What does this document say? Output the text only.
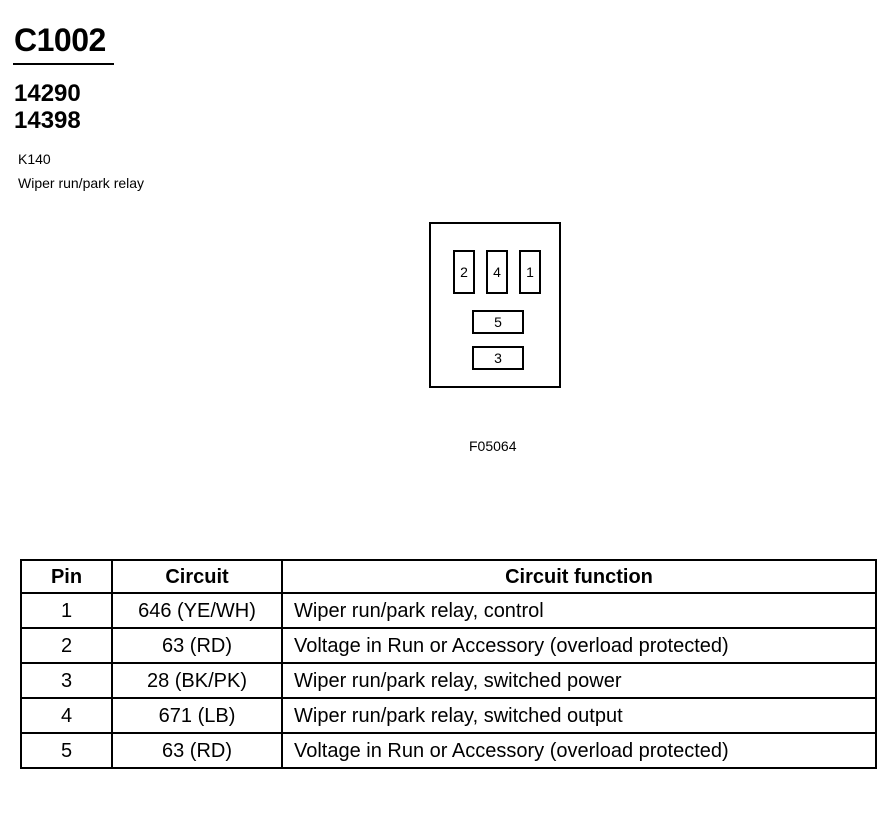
C1002
14290
14398
K140
Wiper run/park relay
2	4	1
5
3
F05064
Pin	Circuit	Circuit function
1	646 (YE/WH)	Wiper run/park relay, control
2	63 (RD)	Voltage in Run or Accessory (overload protected)
3	28 (BK/PK)	Wiper run/park relay, switched power
4	671 (LB)	Wiper run/park relay, switched output
5	63 (RD)	Voltage in Run or Accessory (overload protected)
